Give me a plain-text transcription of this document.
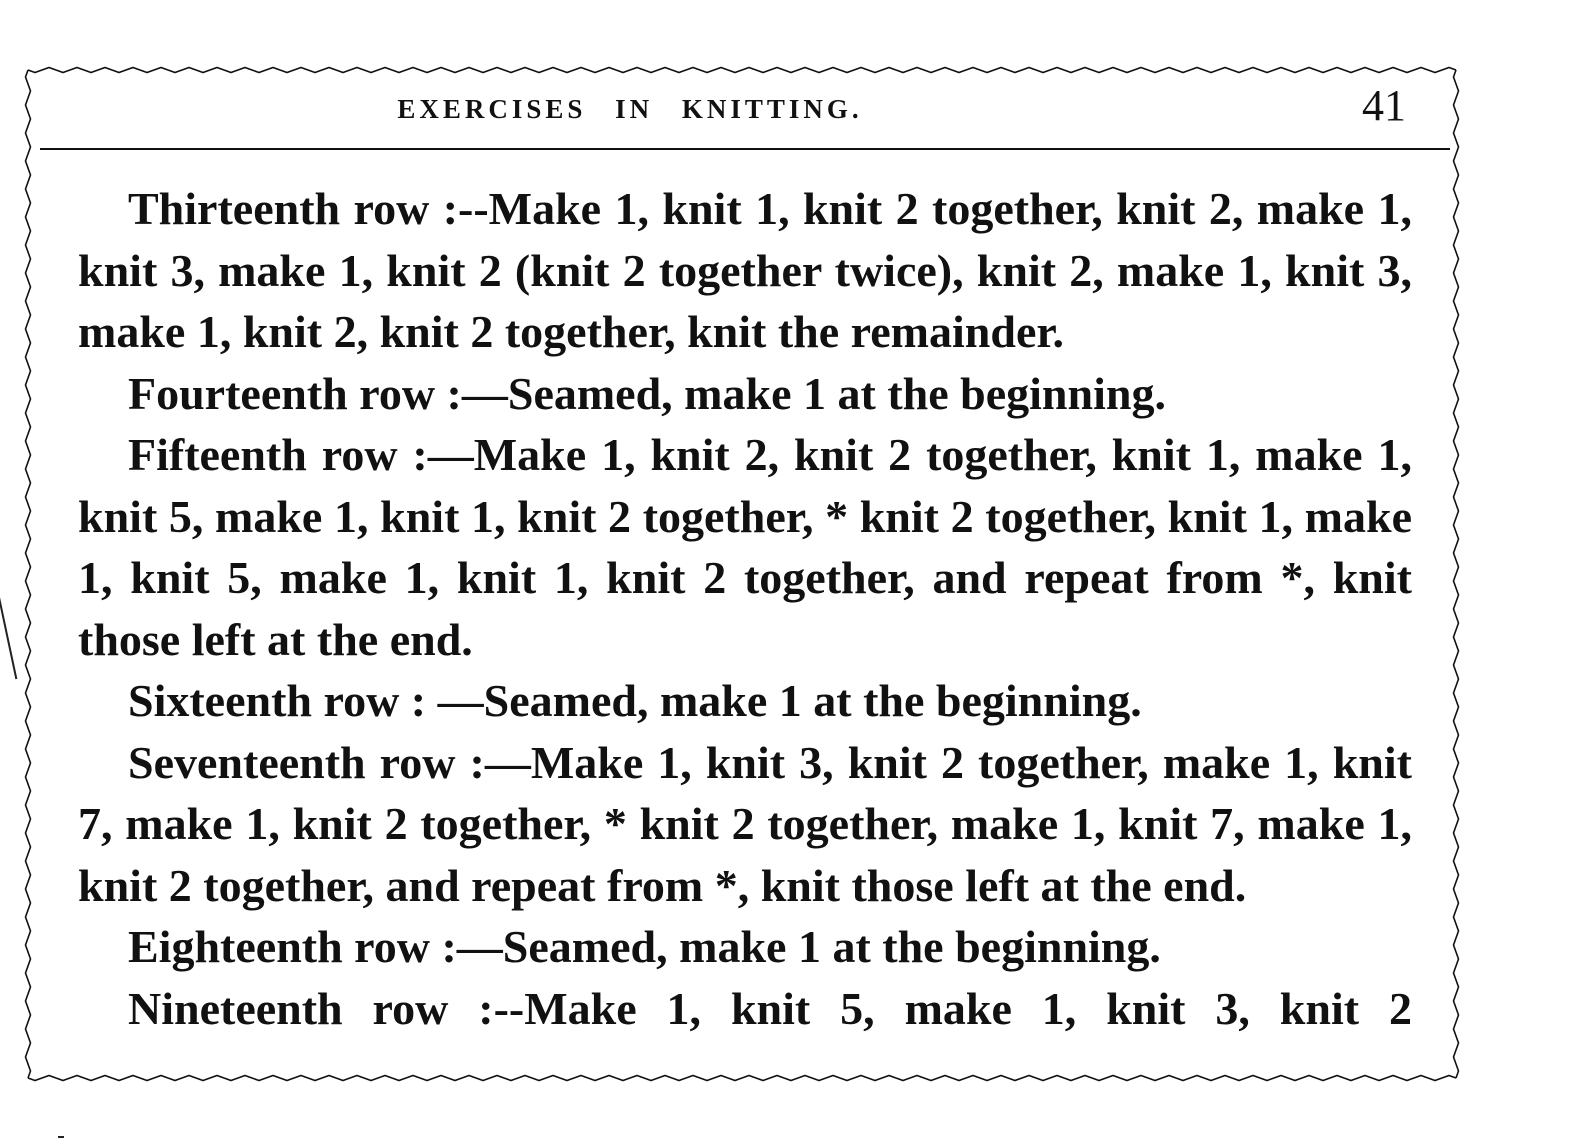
EXERCISES IN KNITTING.	41

Thirteenth row :--Make 1, knit 1, knit 2 together, knit 2, make 1, knit 3, make 1, knit 2 (knit 2 together twice), knit 2, make 1, knit 3, make 1, knit 2, knit 2 together, knit the remainder.

Fourteenth row :—Seamed, make 1 at the beginning.

Fifteenth row :—Make 1, knit 2, knit 2 together, knit 1, make 1, knit 5, make 1, knit 1, knit 2 together, * knit 2 together, knit 1, make 1, knit 5, make 1, knit 1, knit 2 together, and repeat from *, knit those left at the end.

Sixteenth row : —Seamed, make 1 at the beginning.

Seventeenth row :—Make 1, knit 3, knit 2 together, make 1, knit 7, make 1, knit 2 together, * knit 2 together, make 1, knit 7, make 1, knit 2 together, and repeat from *, knit those left at the end.

Eighteenth row :—Seamed, make 1 at the beginning.

Nineteenth row :--Make 1, knit 5, make 1, knit 3, knit 2
